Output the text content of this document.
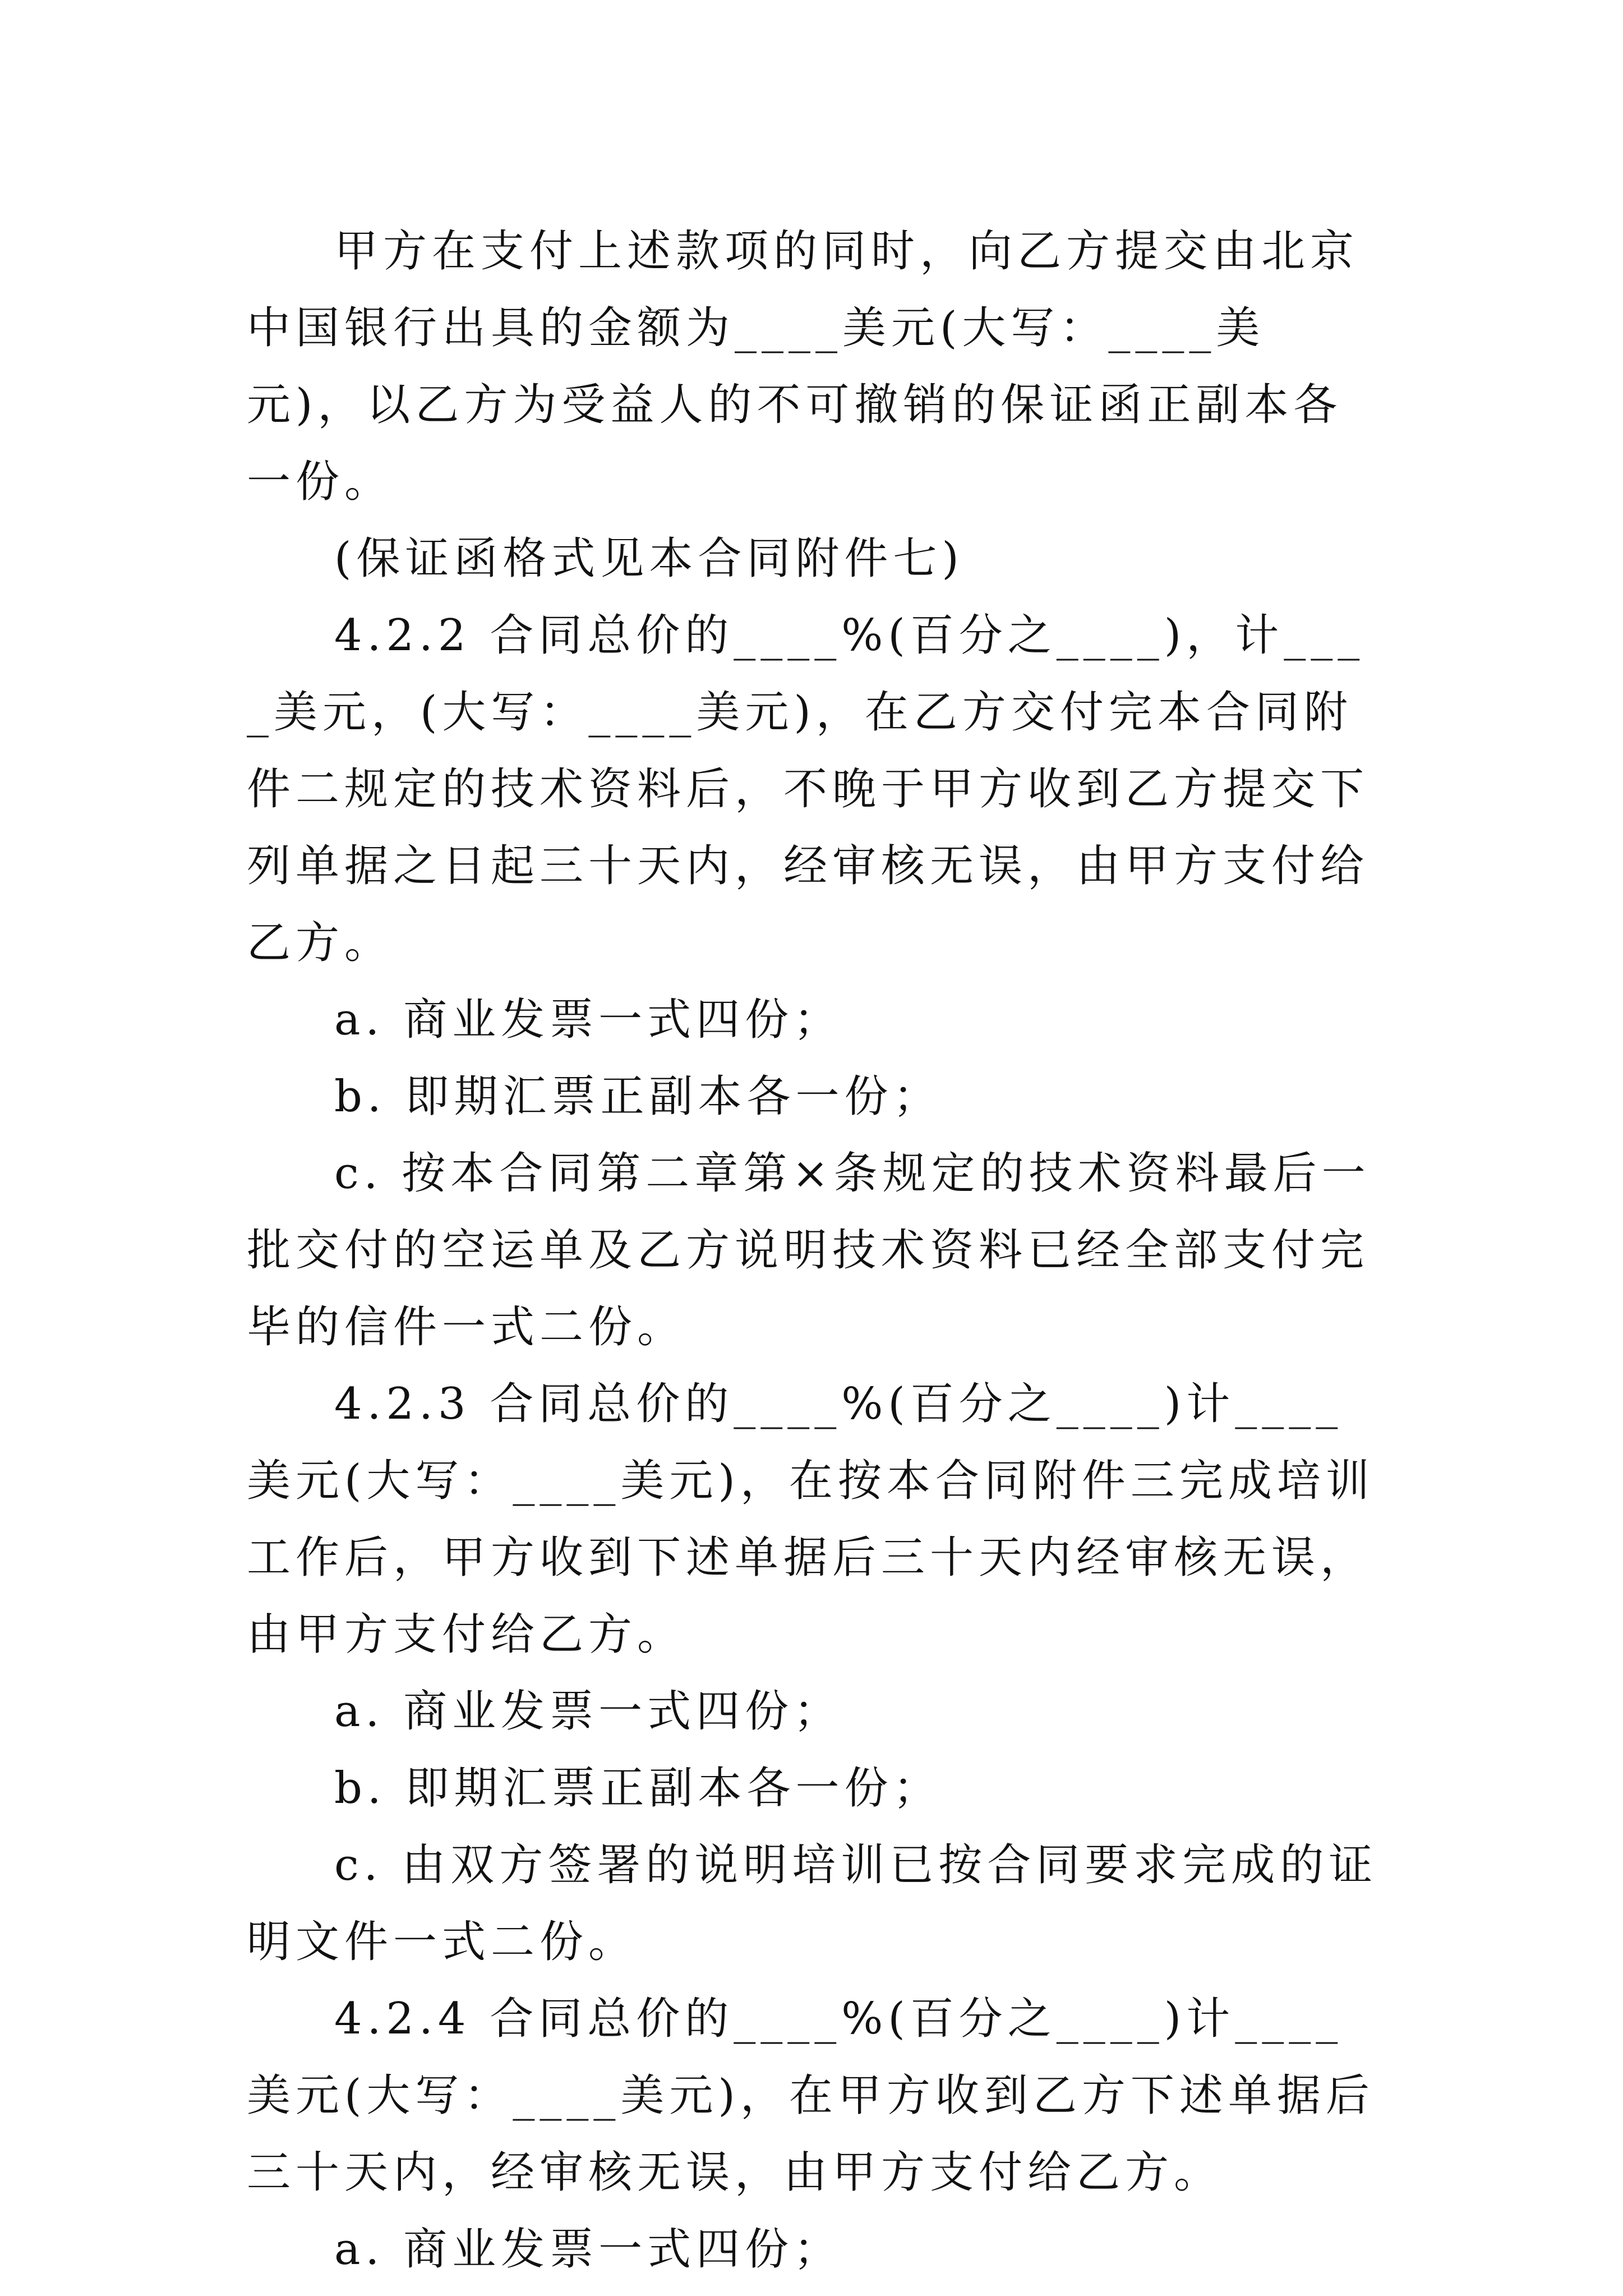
甲方在支付上述款项的同时，向乙方提交由北京中国银行出具的金额为____美元(大写：____美元)，以乙方为受益人的不可撤销的保证函正副本各一份。

(保证函格式见本合同附件七)

4.2.2 合同总价的____%(百分之____)，计____美元，(大写：____美元)，在乙方交付完本合同附件二规定的技术资料后，不晚于甲方收到乙方提交下列单据之日起三十天内，经审核无误，由甲方支付给乙方。

a. 商业发票一式四份；

b. 即期汇票正副本各一份；

c. 按本合同第二章第×条规定的技术资料最后一批交付的空运单及乙方说明技术资料已经全部支付完毕的信件一式二份。

4.2.3 合同总价的____%(百分之____)计____美元(大写：____美元)，在按本合同附件三完成培训工作后，甲方收到下述单据后三十天内经审核无误，由甲方支付给乙方。

a. 商业发票一式四份；

b. 即期汇票正副本各一份；

c. 由双方签署的说明培训已按合同要求完成的证明文件一式二份。

4.2.4 合同总价的____%(百分之____)计____美元(大写：____美元)，在甲方收到乙方下述单据后三十天内，经审核无误，由甲方支付给乙方。

a. 商业发票一式四份；
